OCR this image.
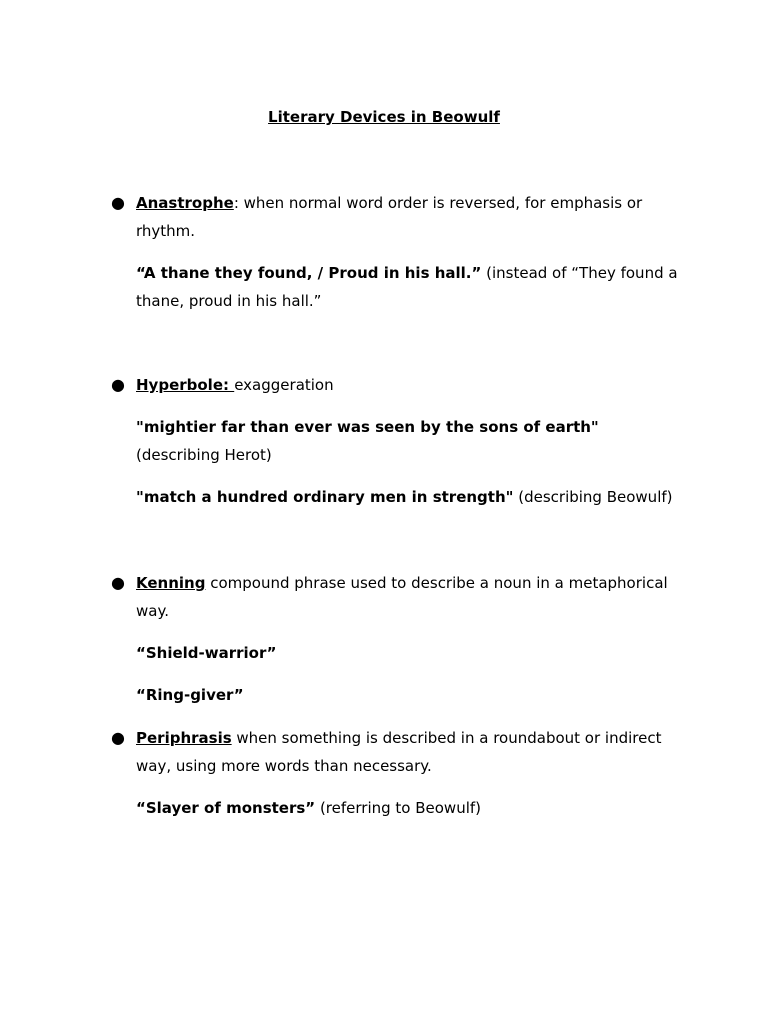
Literary Devices in Beowulf
● Anastrophe: when normal word order is reversed, for emphasis or rhythm.

“A thane they found, / Proud in his hall.” (instead of “They found a thane, proud in his hall.”

● Hyperbole: exaggeration

"mightier far than ever was seen by the sons of earth" (describing Herot)

"match a hundred ordinary men in strength" (describing Beowulf)

● Kenning compound phrase used to describe a noun in a metaphorical way.

“Shield-warrior”

“Ring-giver”

● Periphrasis when something is described in a roundabout or indirect way, using more words than necessary.

“Slayer of monsters” (referring to Beowulf)
